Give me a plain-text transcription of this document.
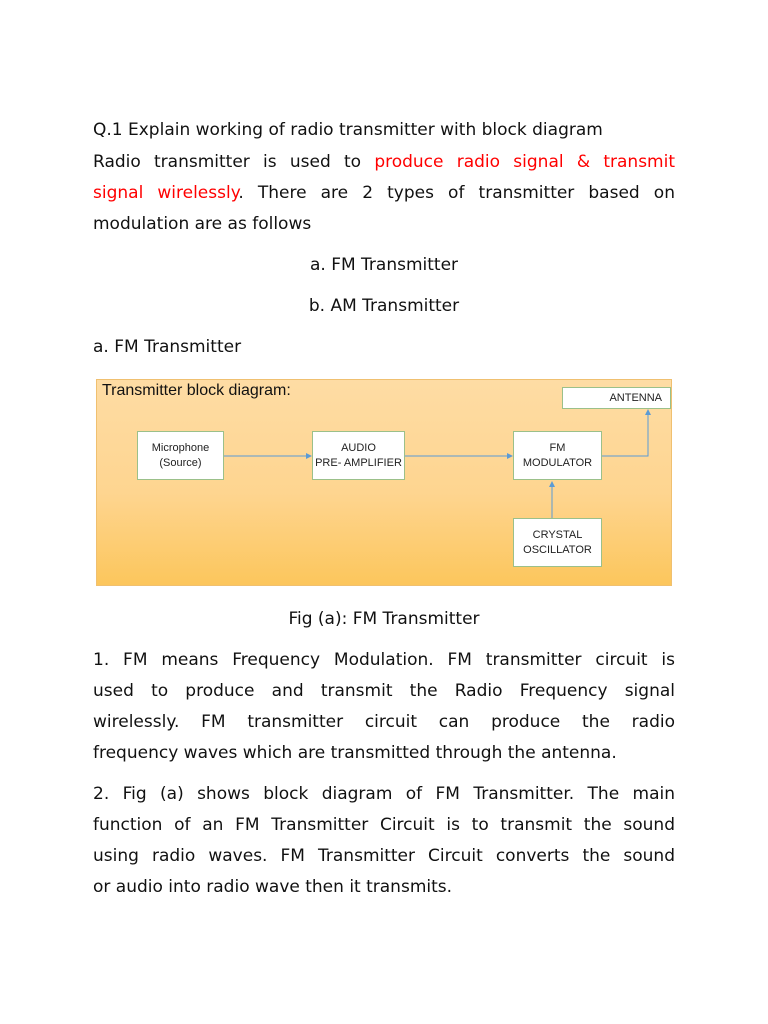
Q.1 Explain working of radio transmitter with block diagram
Radio transmitter is used to produce radio signal & transmit
signal wirelessly. There are 2 types of transmitter based on
modulation are as follows
a. FM Transmitter
b. AM Transmitter
a. FM Transmitter
Fig (a): FM Transmitter
1. FM means Frequency Modulation. FM transmitter circuit is
used to produce and transmit the Radio Frequency signal
wirelessly. FM transmitter circuit can produce the radio
frequency waves which are transmitted through the antenna.
2. Fig (a) shows block diagram of FM Transmitter. The main
function of an FM Transmitter Circuit is to transmit the sound
using radio waves. FM Transmitter Circuit converts the sound
or audio into radio wave then it transmits.
Transmitter block diagram:
Microphone
(Source)
AUDIO
PRE- AMPLIFIER
FM
MODULATOR
CRYSTAL
OSCILLATOR
ANTENNA
